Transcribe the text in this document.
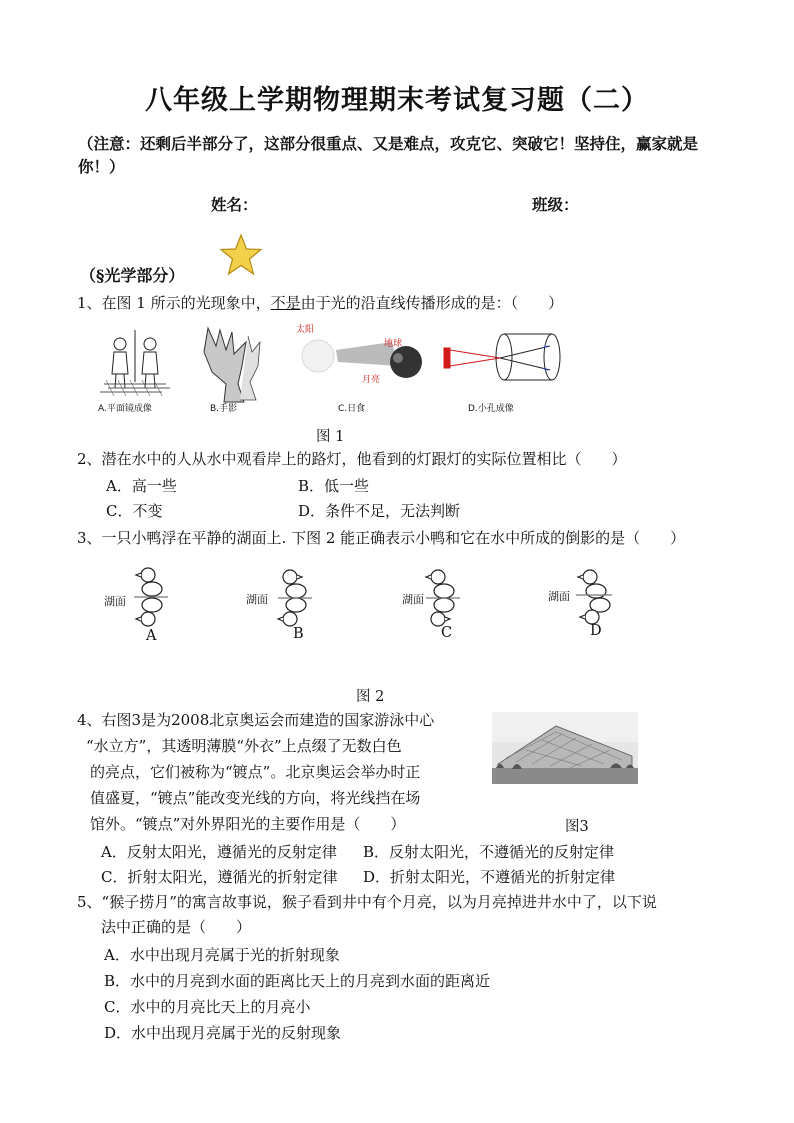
八年级上学期物理期末考试复习题（二）
（注意：还剩后半部分了，这部分很重点、又是难点，攻克它、突破它！坚持住，赢家就是你！）
姓名：	班级：
（§光学部分）
1、在图 1 所示的光现象中，不是由于光的沿直线传播形成的是：（　　）
太阳
地球
月亮
A.平面镜成像	B.手影	C.日食	D.小孔成像
图 1
2、潜在水中的人从水中观看岸上的路灯，他看到的灯跟灯的实际位置相比（　　）
A．高一些	B．低一些
C．不变	D．条件不足，无法判断
3、一只小鸭浮在平静的湖面上. 下图 2 能正确表示小鸭和它在水中所成的倒影的是（　　）
湖面	湖面	湖面	湖面
A	B	C	D
图 2
4、右图3是为2008北京奥运会而建造的国家游泳中心
“水立方”，其透明薄膜“外衣”上点缀了无数白色
的亮点，它们被称为“镀点”。北京奥运会举办时正
值盛夏，“镀点”能改变光线的方向，将光线挡在场
馆外。“镀点”对外界阳光的主要作用是（　　）	图3
A．反射太阳光，遵循光的反射定律 B．反射太阳光，不遵循光的反射定律
C．折射太阳光，遵循光的折射定律 D．折射太阳光，不遵循光的折射定律
5、“猴子捞月”的寓言故事说，猴子看到井中有个月亮，以为月亮掉进井水中了，以下说
法中正确的是（　　）
A．水中出现月亮属于光的折射现象
B．水中的月亮到水面的距离比天上的月亮到水面的距离近
C．水中的月亮比天上的月亮小
D．水中出现月亮属于光的反射现象
